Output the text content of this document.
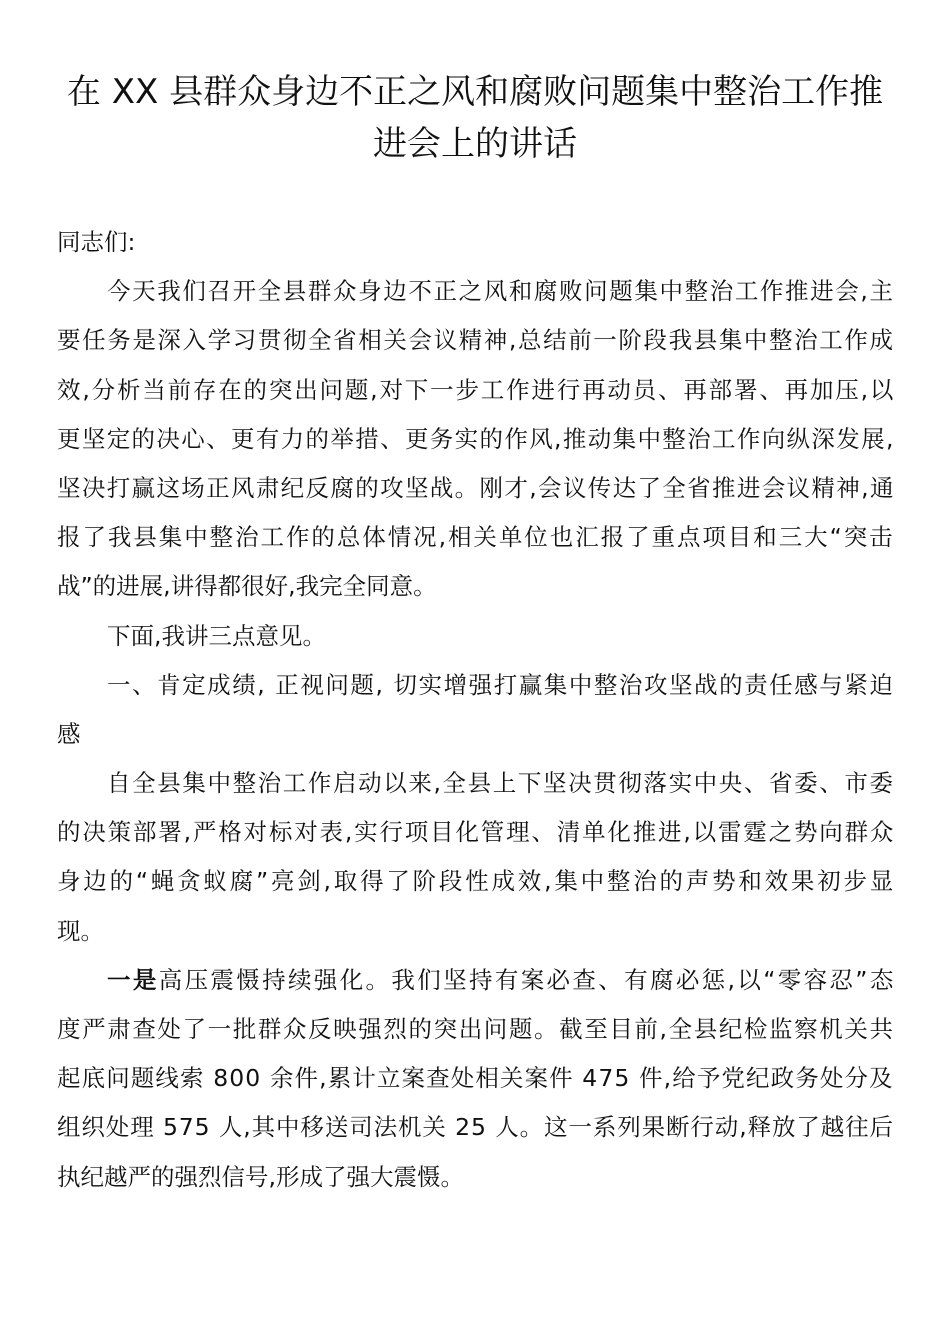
在 XX 县群众身边不正之风和腐败问题集中整治工作推
进会上的讲话
同志们:
今天我们召开全县群众身边不正之风和腐败问题集中整治工作推进会,主
要任务是深入学习贯彻全省相关会议精神,总结前一阶段我县集中整治工作成
效,分析当前存在的突出问题,对下一步工作进行再动员、再部署、再加压,以
更坚定的决心、更有力的举措、更务实的作风,推动集中整治工作向纵深发展,
坚决打赢这场正风肃纪反腐的攻坚战。刚才,会议传达了全省推进会议精神,通
报了我县集中整治工作的总体情况,相关单位也汇报了重点项目和三大“突击
战”的进展,讲得都很好,我完全同意。
下面,我讲三点意见。
一、肯定成绩, 正视问题, 切实增强打赢集中整治攻坚战的责任感与紧迫
感
自全县集中整治工作启动以来,全县上下坚决贯彻落实中央、省委、市委
的决策部署,严格对标对表,实行项目化管理、清单化推进,以雷霆之势向群众
身边的“蝇贪蚁腐”亮剑,取得了阶段性成效,集中整治的声势和效果初步显
现。
一是高压震慑持续强化。我们坚持有案必查、有腐必惩,以“零容忍”态
度严肃查处了一批群众反映强烈的突出问题。截至目前,全县纪检监察机关共
起底问题线索 800 余件,累计立案查处相关案件 475 件,给予党纪政务处分及
组织处理 575 人,其中移送司法机关 25 人。这一系列果断行动,释放了越往后
执纪越严的强烈信号,形成了强大震慑。
